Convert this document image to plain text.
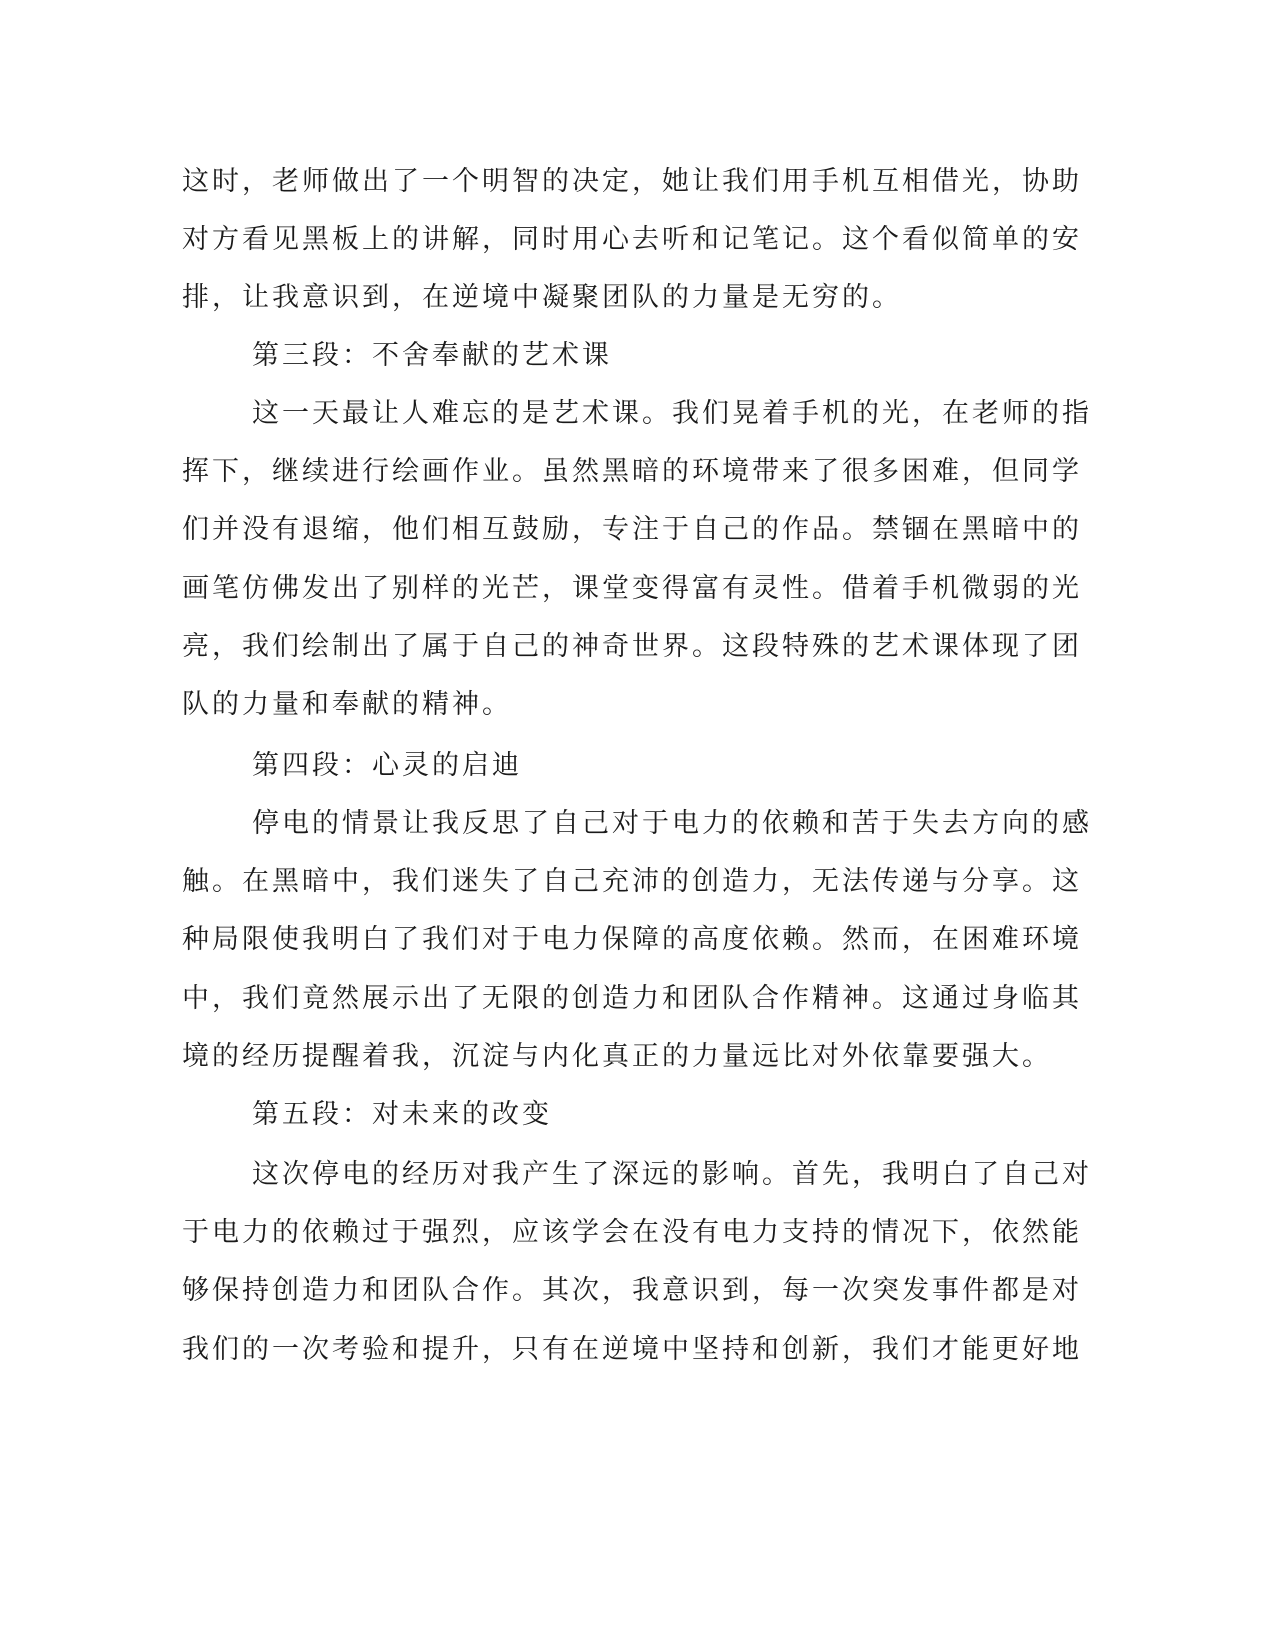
这时，老师做出了一个明智的决定，她让我们用手机互相借光，协助

对方看见黑板上的讲解，同时用心去听和记笔记。这个看似简单的安

排，让我意识到，在逆境中凝聚团队的力量是无穷的。

第三段：不舍奉献的艺术课

这一天最让人难忘的是艺术课。我们晃着手机的光，在老师的指

挥下，继续进行绘画作业。虽然黑暗的环境带来了很多困难，但同学

们并没有退缩，他们相互鼓励，专注于自己的作品。禁锢在黑暗中的

画笔仿佛发出了别样的光芒，课堂变得富有灵性。借着手机微弱的光

亮，我们绘制出了属于自己的神奇世界。这段特殊的艺术课体现了团

队的力量和奉献的精神。

第四段：心灵的启迪

停电的情景让我反思了自己对于电力的依赖和苦于失去方向的感

触。在黑暗中，我们迷失了自己充沛的创造力，无法传递与分享。这

种局限使我明白了我们对于电力保障的高度依赖。然而，在困难环境

中，我们竟然展示出了无限的创造力和团队合作精神。这通过身临其

境的经历提醒着我，沉淀与内化真正的力量远比对外依靠要强大。

第五段：对未来的改变

这次停电的经历对我产生了深远的影响。首先，我明白了自己对

于电力的依赖过于强烈，应该学会在没有电力支持的情况下，依然能

够保持创造力和团队合作。其次，我意识到，每一次突发事件都是对

我们的一次考验和提升，只有在逆境中坚持和创新，我们才能更好地
